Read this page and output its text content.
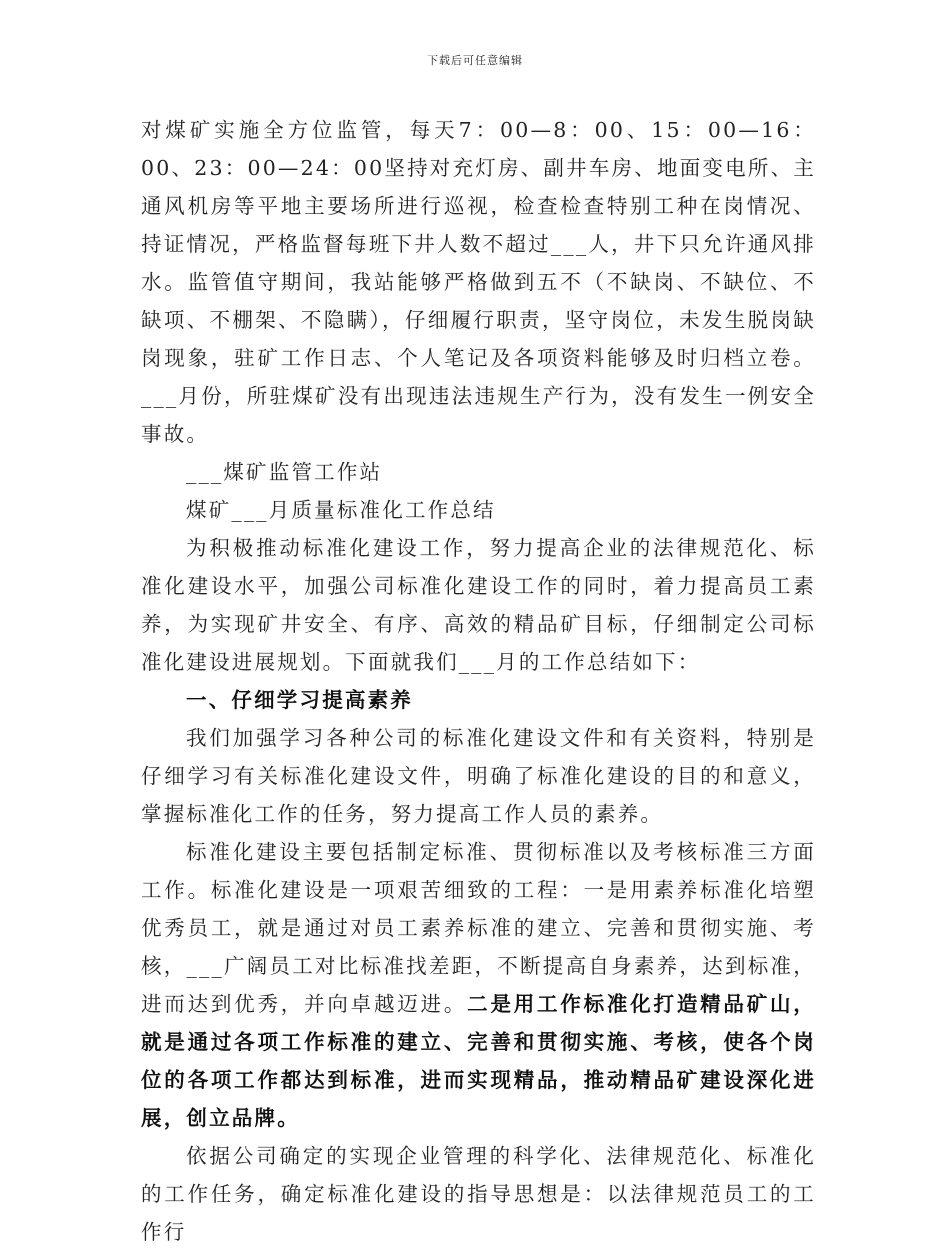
下载后可任意编辑

对煤矿实施全方位监管，每天7：00—8：00、15：00—16：00、23：00—24：00坚持对充灯房、副井车房、地面变电所、主通风机房等平地主要场所进行巡视，检查检查特别工种在岗情况、持证情况，严格监督每班下井人数不超过___人，井下只允许通风排水。监管值守期间，我站能够严格做到五不（不缺岗、不缺位、不缺项、不棚架、不隐瞒），仔细履行职责，坚守岗位，未发生脱岗缺岗现象，驻矿工作日志、个人笔记及各项资料能够及时归档立卷。___月份，所驻煤矿没有出现违法违规生产行为，没有发生一例安全事故。

___煤矿监管工作站

煤矿___月质量标准化工作总结

为积极推动标准化建设工作，努力提高企业的法律规范化、标准化建设水平，加强公司标准化建设工作的同时，着力提高员工素养，为实现矿井安全、有序、高效的精品矿目标，仔细制定公司标准化建设进展规划。下面就我们___月的工作总结如下：

一、仔细学习提高素养

我们加强学习各种公司的标准化建设文件和有关资料，特别是仔细学习有关标准化建设文件，明确了标准化建设的目的和意义，掌握标准化工作的任务，努力提高工作人员的素养。

标准化建设主要包括制定标准、贯彻标准以及考核标准三方面工作。标准化建设是一项艰苦细致的工程：一是用素养标准化培塑优秀员工，就是通过对员工素养标准的建立、完善和贯彻实施、考核，___广阔员工对比标准找差距，不断提高自身素养，达到标准，进而达到优秀，并向卓越迈进。二是用工作标准化打造精品矿山，就是通过各项工作标准的建立、完善和贯彻实施、考核，使各个岗位的各项工作都达到标准，进而实现精品，推动精品矿建设深化进展，创立品牌。

依据公司确定的实现企业管理的科学化、法律规范化、标准化的工作任务，确定标准化建设的指导思想是：以法律规范员工的工作行
